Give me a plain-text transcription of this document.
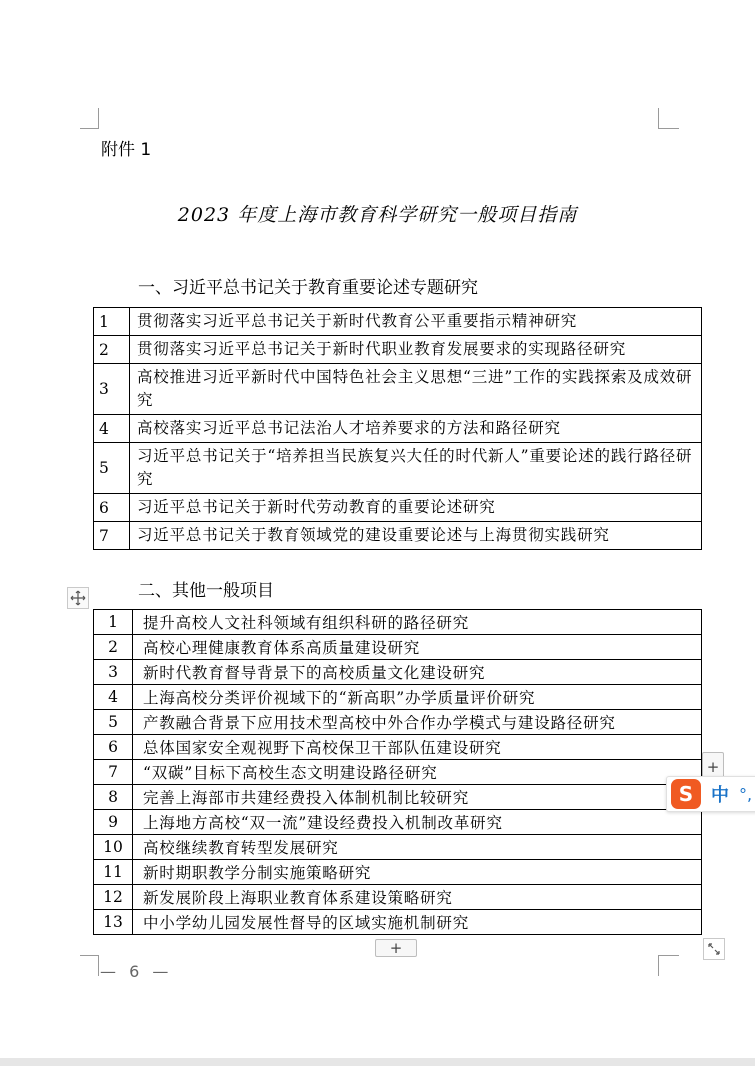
附件 1
2023 年度上海市教育科学研究一般项目指南
一、习近平总书记关于教育重要论述专题研究
1	贯彻落实习近平总书记关于新时代教育公平重要指示精神研究
2	贯彻落实习近平总书记关于新时代职业教育发展要求的实现路径研究
3	高校推进习近平新时代中国特色社会主义思想“三进”工作的实践探索及成效研究
4	高校落实习近平总书记法治人才培养要求的方法和路径研究
5	习近平总书记关于“培养担当民族复兴大任的时代新人”重要论述的践行路径研究
6	习近平总书记关于新时代劳动教育的重要论述研究
7	习近平总书记关于教育领域党的建设重要论述与上海贯彻实践研究
二、其他一般项目
1	提升高校人文社科领域有组织科研的路径研究
2	高校心理健康教育体系高质量建设研究
3	新时代教育督导背景下的高校质量文化建设研究
4	上海高校分类评价视域下的“新高职”办学质量评价研究
5	产教融合背景下应用技术型高校中外合作办学模式与建设路径研究
6	总体国家安全观视野下高校保卫干部队伍建设研究
7	“双碳”目标下高校生态文明建设路径研究
8	完善上海部市共建经费投入体制机制比较研究
9	上海地方高校“双一流”建设经费投入机制改革研究
10	高校继续教育转型发展研究
11	新时期职教学分制实施策略研究
12	新发展阶段上海职业教育体系建设策略研究
13	中小学幼儿园发展性督导的区域实施机制研究
+
+
S 中 °,
— 6 —
